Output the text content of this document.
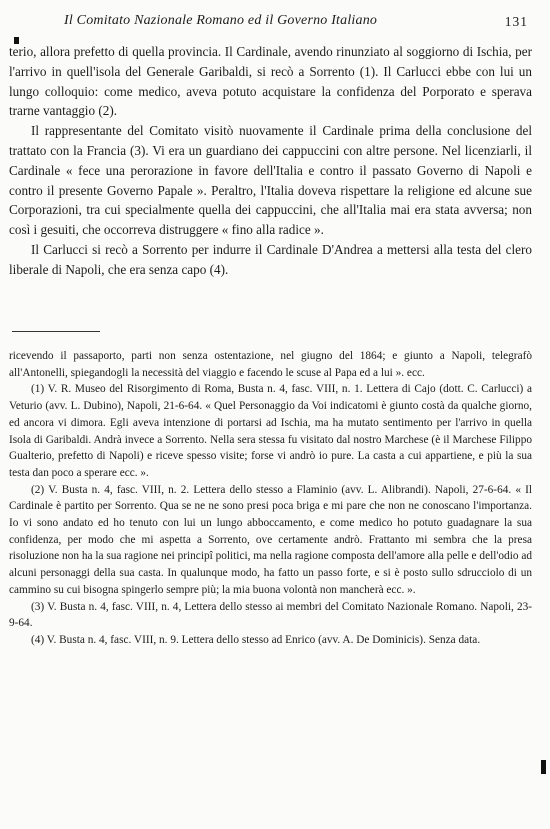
Il Comitato Nazionale Romano ed il Governo Italiano	131

terio, allora prefetto di quella provincia. Il Cardinale, avendo rinunziato al soggiorno di Ischia, per l'arrivo in quell'isola del Generale Garibaldi, si recò a Sorrento (1). Il Carlucci ebbe con lui un lungo colloquio: come medico, aveva potuto acquistare la confidenza del Porporato e sperava trarne vantaggio (2).

Il rappresentante del Comitato visitò nuovamente il Cardinale prima della conclusione del trattato con la Francia (3). Vi era un guardiano dei cappuccini con altre persone. Nel licenziarli, il Cardinale « fece una perorazione in favore dell'Italia e contro il passato Governo di Napoli e contro il presente Governo Papale ». Peraltro, l'Italia doveva rispettare la religione ed alcune sue Corporazioni, tra cui specialmente quella dei cappuccini, che all'Italia mai era stata avversa; non così i gesuiti, che occorreva distruggere « fino alla radice ».

Il Carlucci si recò a Sorrento per indurre il Cardinale D'Andrea a mettersi alla testa del clero liberale di Napoli, che era senza capo (4).

ricevendo il passaporto, parti non senza ostentazione, nel giugno del 1864; e giunto a Napoli, telegrafò all'Antonelli, spiegandogli la necessità del viaggio e facendo le scuse al Papa ed a lui ». ecc.

(1) V. R. Museo del Risorgimento di Roma, Busta n. 4, fasc. VIII, n. 1. Lettera di Cajo (dott. C. Carlucci) a Veturio (avv. L. Dubino), Napoli, 21-6-64. « Quel Personaggio da Voi indicatomi è giunto costà da qualche giorno, ed ancora vi dimora. Egli aveva intenzione di portarsi ad Ischia, ma ha mutato sentimento per l'arrivo in quella Isola di Garibaldi. Andrà invece a Sorrento. Nella sera stessa fu visitato dal nostro Marchese (è il Marchese Filippo Gualterio, prefetto di Napoli) e riceve spesso visite; forse vi andrò io pure. La casta a cui appartiene, e più la sua testa dan poco a sperare ecc. ».

(2) V. Busta n. 4, fasc. VIII, n. 2. Lettera dello stesso a Flaminio (avv. L. Alibrandi). Napoli, 27-6-64. « Il Cardinale è partito per Sorrento. Qua se ne ne sono presi poca briga e mi pare che non ne conoscano l'importanza. Io vi sono andato ed ho tenuto con lui un lungo abboccamento, e come medico ho potuto guadagnare la sua confidenza, per modo che mi aspetta a Sorrento, ove certamente andrò. Frattanto mi sembra che la presa risoluzione non ha la sua ragione nei principî politici, ma nella ragione composta dell'amore alla pelle e dell'odio ad alcuni personaggi della sua casta. In qualunque modo, ha fatto un passo forte, e si è posto sullo sdrucciolo di un cammino su cui bisogna spingerlo sempre più; la mia buona volontà non mancherà ecc. ».

(3) V. Busta n. 4, fasc. VIII, n. 4, Lettera dello stesso ai membri del Comitato Nazionale Romano. Napoli, 23-9-64.

(4) V. Busta n. 4, fasc. VIII, n. 9. Lettera dello stesso ad Enrico (avv. A. De Dominicis). Senza data.
